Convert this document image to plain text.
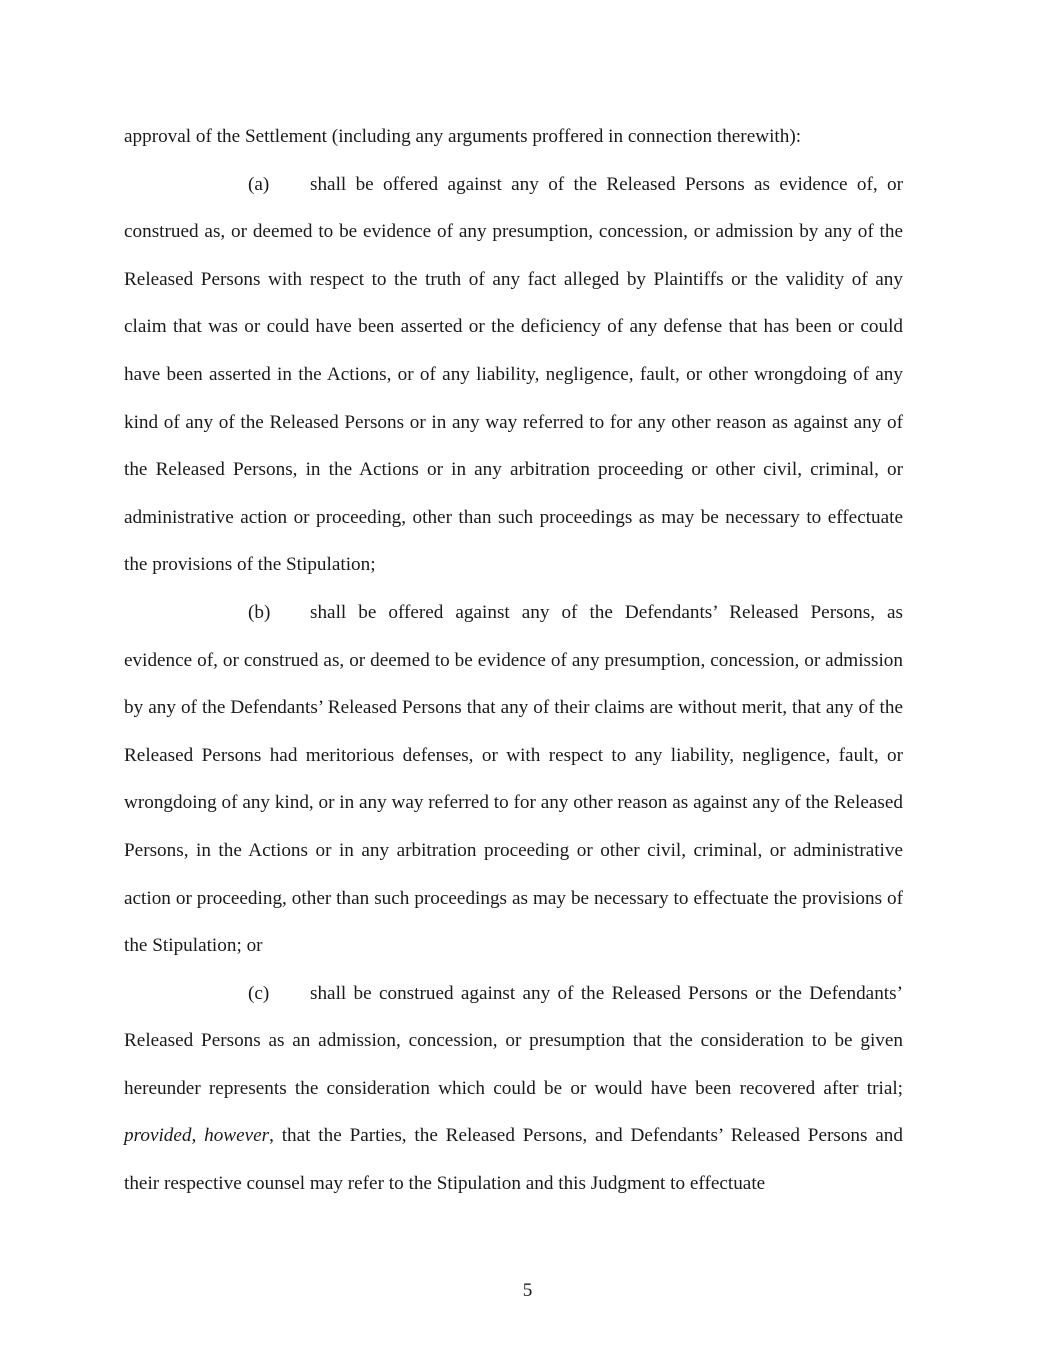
approval of the Settlement (including any arguments proffered in connection therewith):

(a) shall be offered against any of the Released Persons as evidence of, or construed as, or deemed to be evidence of any presumption, concession, or admission by any of the Released Persons with respect to the truth of any fact alleged by Plaintiffs or the validity of any claim that was or could have been asserted or the deficiency of any defense that has been or could have been asserted in the Actions, or of any liability, negligence, fault, or other wrongdoing of any kind of any of the Released Persons or in any way referred to for any other reason as against any of the Released Persons, in the Actions or in any arbitration proceeding or other civil, criminal, or administrative action or proceeding, other than such proceedings as may be necessary to effectuate the provisions of the Stipulation;

(b) shall be offered against any of the Defendants’ Released Persons, as evidence of, or construed as, or deemed to be evidence of any presumption, concession, or admission by any of the Defendants’ Released Persons that any of their claims are without merit, that any of the Released Persons had meritorious defenses, or with respect to any liability, negligence, fault, or wrongdoing of any kind, or in any way referred to for any other reason as against any of the Released Persons, in the Actions or in any arbitration proceeding or other civil, criminal, or administrative action or proceeding, other than such proceedings as may be necessary to effectuate the provisions of the Stipulation; or

(c) shall be construed against any of the Released Persons or the Defendants’ Released Persons as an admission, concession, or presumption that the consideration to be given hereunder represents the consideration which could be or would have been recovered after trial; provided, however, that the Parties, the Released Persons, and Defendants’ Released Persons and their respective counsel may refer to the Stipulation and this Judgment to effectuate

5
